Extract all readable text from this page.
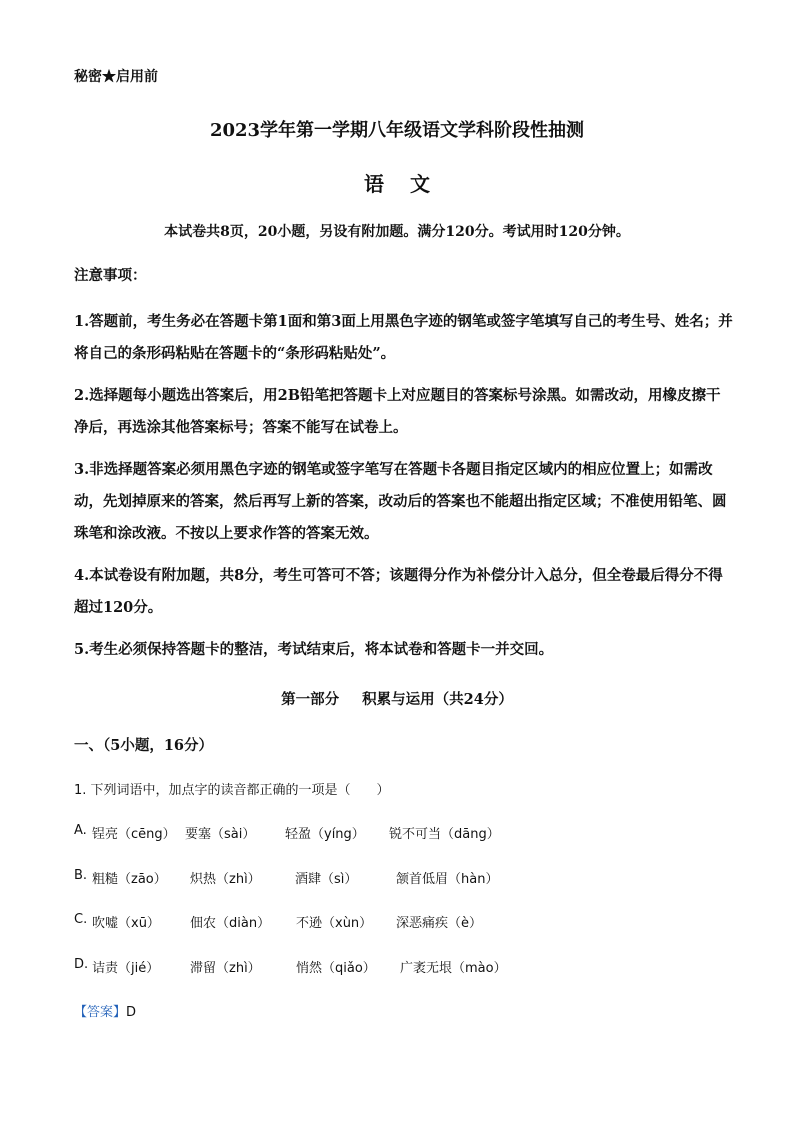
秘密★启用前
2023学年第一学期八年级语文学科阶段性抽测
语文
本试卷共8页，20小题，另设有附加题。满分120分。考试用时120分钟。
注意事项：

1.答题前，考生务必在答题卡第1面和第3面上用黑色字迹的钢笔或签字笔填写自己的考生号、姓名；并将自己的条形码粘贴在答题卡的“条形码粘贴处”。

2.选择题每小题选出答案后，用2B铅笔把答题卡上对应题目的答案标号涂黑。如需改动，用橡皮擦干净后，再选涂其他答案标号；答案不能写在试卷上。

3.非选择题答案必须用黑色字迹的钢笔或签字笔写在答题卡各题目指定区域内的相应位置上；如需改动，先划掉原来的答案，然后再写上新的答案，改动后的答案也不能超出指定区域；不准使用铅笔、圆珠笔和涂改液。不按以上要求作答的答案无效。

4.本试卷设有附加题，共8分，考生可答可不答；该题得分作为补偿分计入总分，但全卷最后得分不得超过120分。

5.考生必须保持答题卡的整洁，考试结束后，将本试卷和答题卡一并交回。

第一部分 积累与运用（共24分）
一、（5小题，16分）
1. 下列词语中，加点字的读音都正确的一项是（　　）
A. 锃亮（cēng） 要塞（sài） 轻盈（yíng） 锐不可当（dāng）
B. 粗糙（zāo） 炽热（zhì）	酒肆（sì）	颔首低眉（hàn）
C. 吹嘘（xū） 佃农（diàn） 不逊（xùn） 深恶痛疾（è）
D. 诘责（jié） 滞留（zhì）	悄然（qiǎo） 广袤无垠（mào）
【答案】D
